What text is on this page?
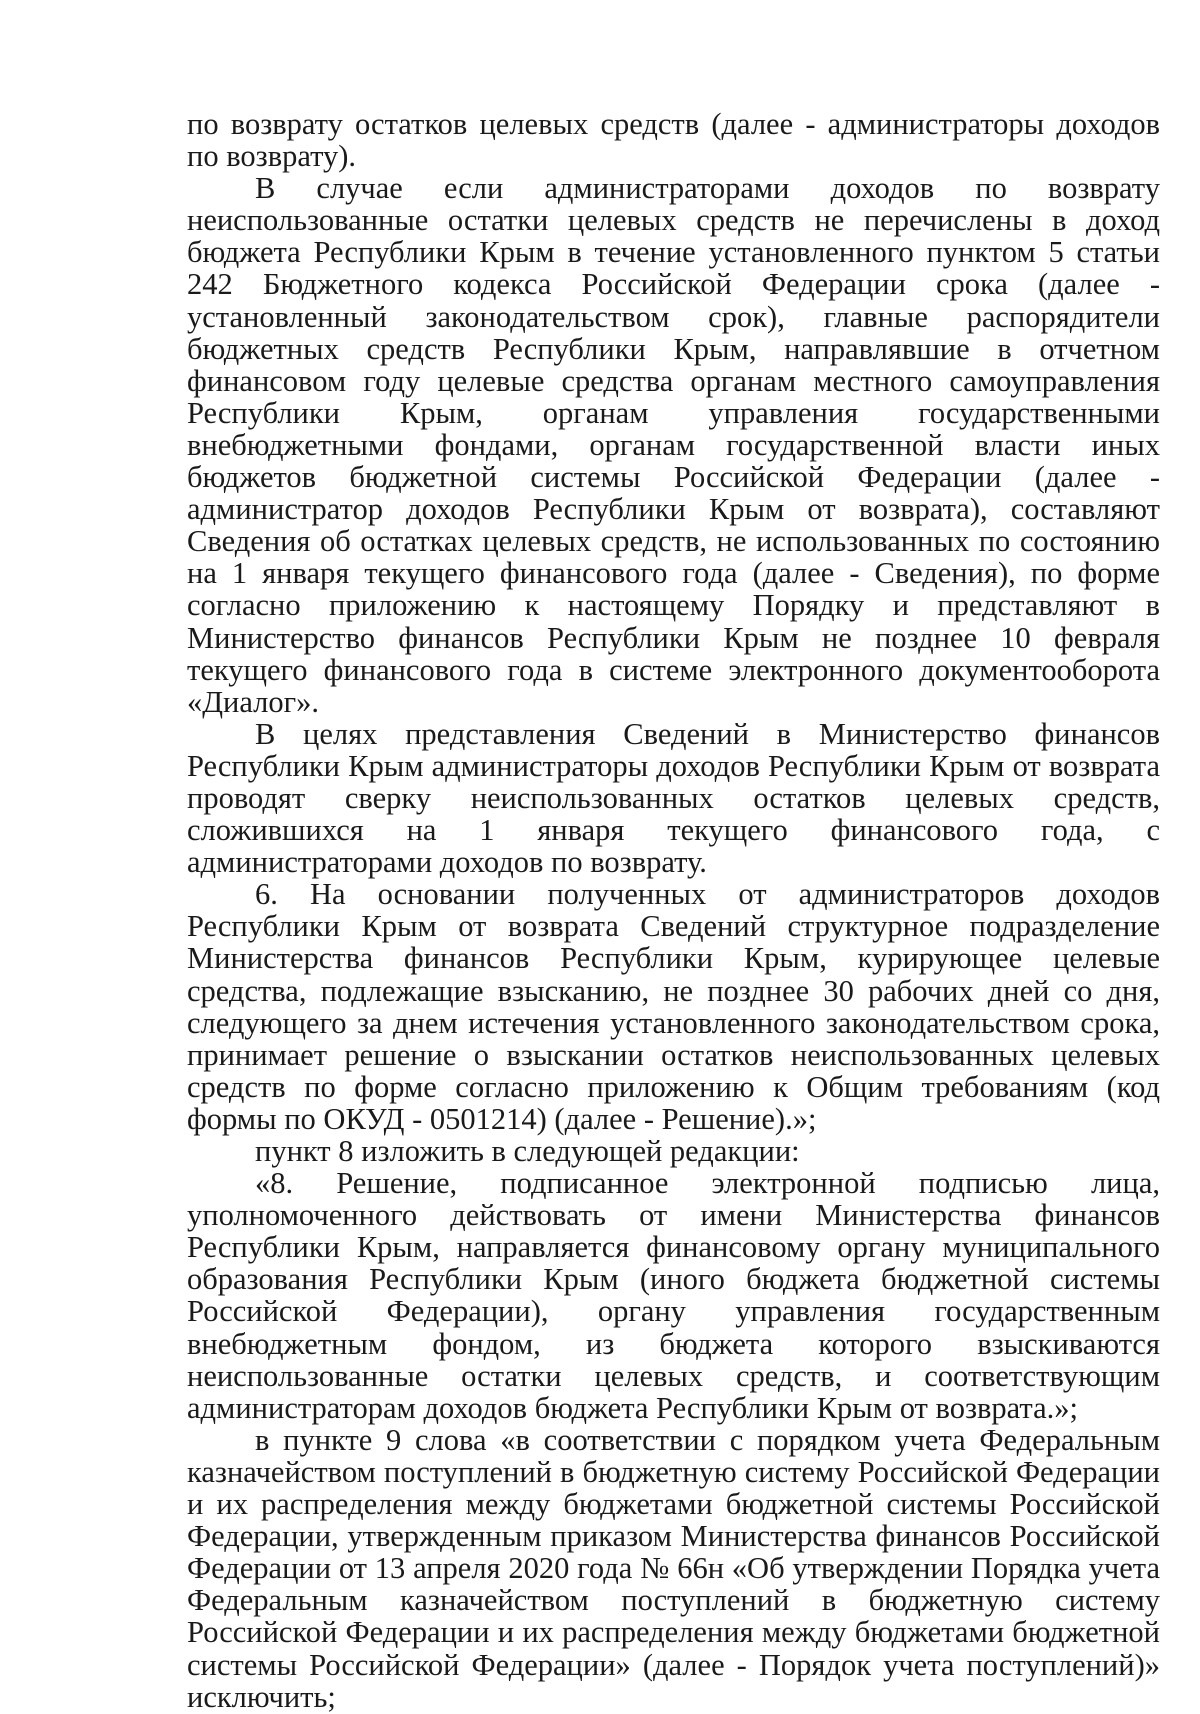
по возврату остатков целевых средств (далее - администраторы доходов по возврату).

В случае если администраторами доходов по возврату неиспользованные остатки целевых средств не перечислены в доход бюджета Республики Крым в течение установленного пунктом 5 статьи 242 Бюджетного кодекса Российской Федерации срока (далее - установленный законодательством срок), главные распорядители бюджетных средств Республики Крым, направлявшие в отчетном финансовом году целевые средства органам местного самоуправления Республики Крым, органам управления государственными внебюджетными фондами, органам государственной власти иных бюджетов бюджетной системы Российской Федерации (далее - администратор доходов Республики Крым от возврата), составляют Сведения об остатках целевых средств, не использованных по состоянию на 1 января текущего финансового года (далее - Сведения), по форме согласно приложению к настоящему Порядку и представляют в Министерство финансов Республики Крым не позднее 10 февраля текущего финансового года в системе электронного документооборота «Диалог».

В целях представления Сведений в Министерство финансов Республики Крым администраторы доходов Республики Крым от возврата проводят сверку неиспользованных остатков целевых средств, сложившихся на 1 января текущего финансового года, с администраторами доходов по возврату.

6. На основании полученных от администраторов доходов Республики Крым от возврата Сведений структурное подразделение Министерства финансов Республики Крым, курирующее целевые средства, подлежащие взысканию, не позднее 30 рабочих дней со дня, следующего за днем истечения установленного законодательством срока, принимает решение о взыскании остатков неиспользованных целевых средств по форме согласно приложению к Общим требованиям (код формы по ОКУД - 0501214) (далее - Решение).»;

пункт 8 изложить в следующей редакции:

«8. Решение, подписанное электронной подписью лица, уполномоченного действовать от имени Министерства финансов Республики Крым, направляется финансовому органу муниципального образования Республики Крым (иного бюджета бюджетной системы Российской Федерации), органу управления государственным внебюджетным фондом, из бюджета которого взыскиваются неиспользованные остатки целевых средств, и соответствующим администраторам доходов бюджета Республики Крым от возврата.»;

в пункте 9 слова «в соответствии с порядком учета Федеральным казначейством поступлений в бюджетную систему Российской Федерации и их распределения между бюджетами бюджетной системы Российской Федерации, утвержденным приказом Министерства финансов Российской Федерации от 13 апреля 2020 года № 66н «Об утверждении Порядка учета Федеральным казначейством поступлений в бюджетную систему Российской Федерации и их распределения между бюджетами бюджетной системы Российской Федерации» (далее - Порядок учета поступлений)» исключить;
